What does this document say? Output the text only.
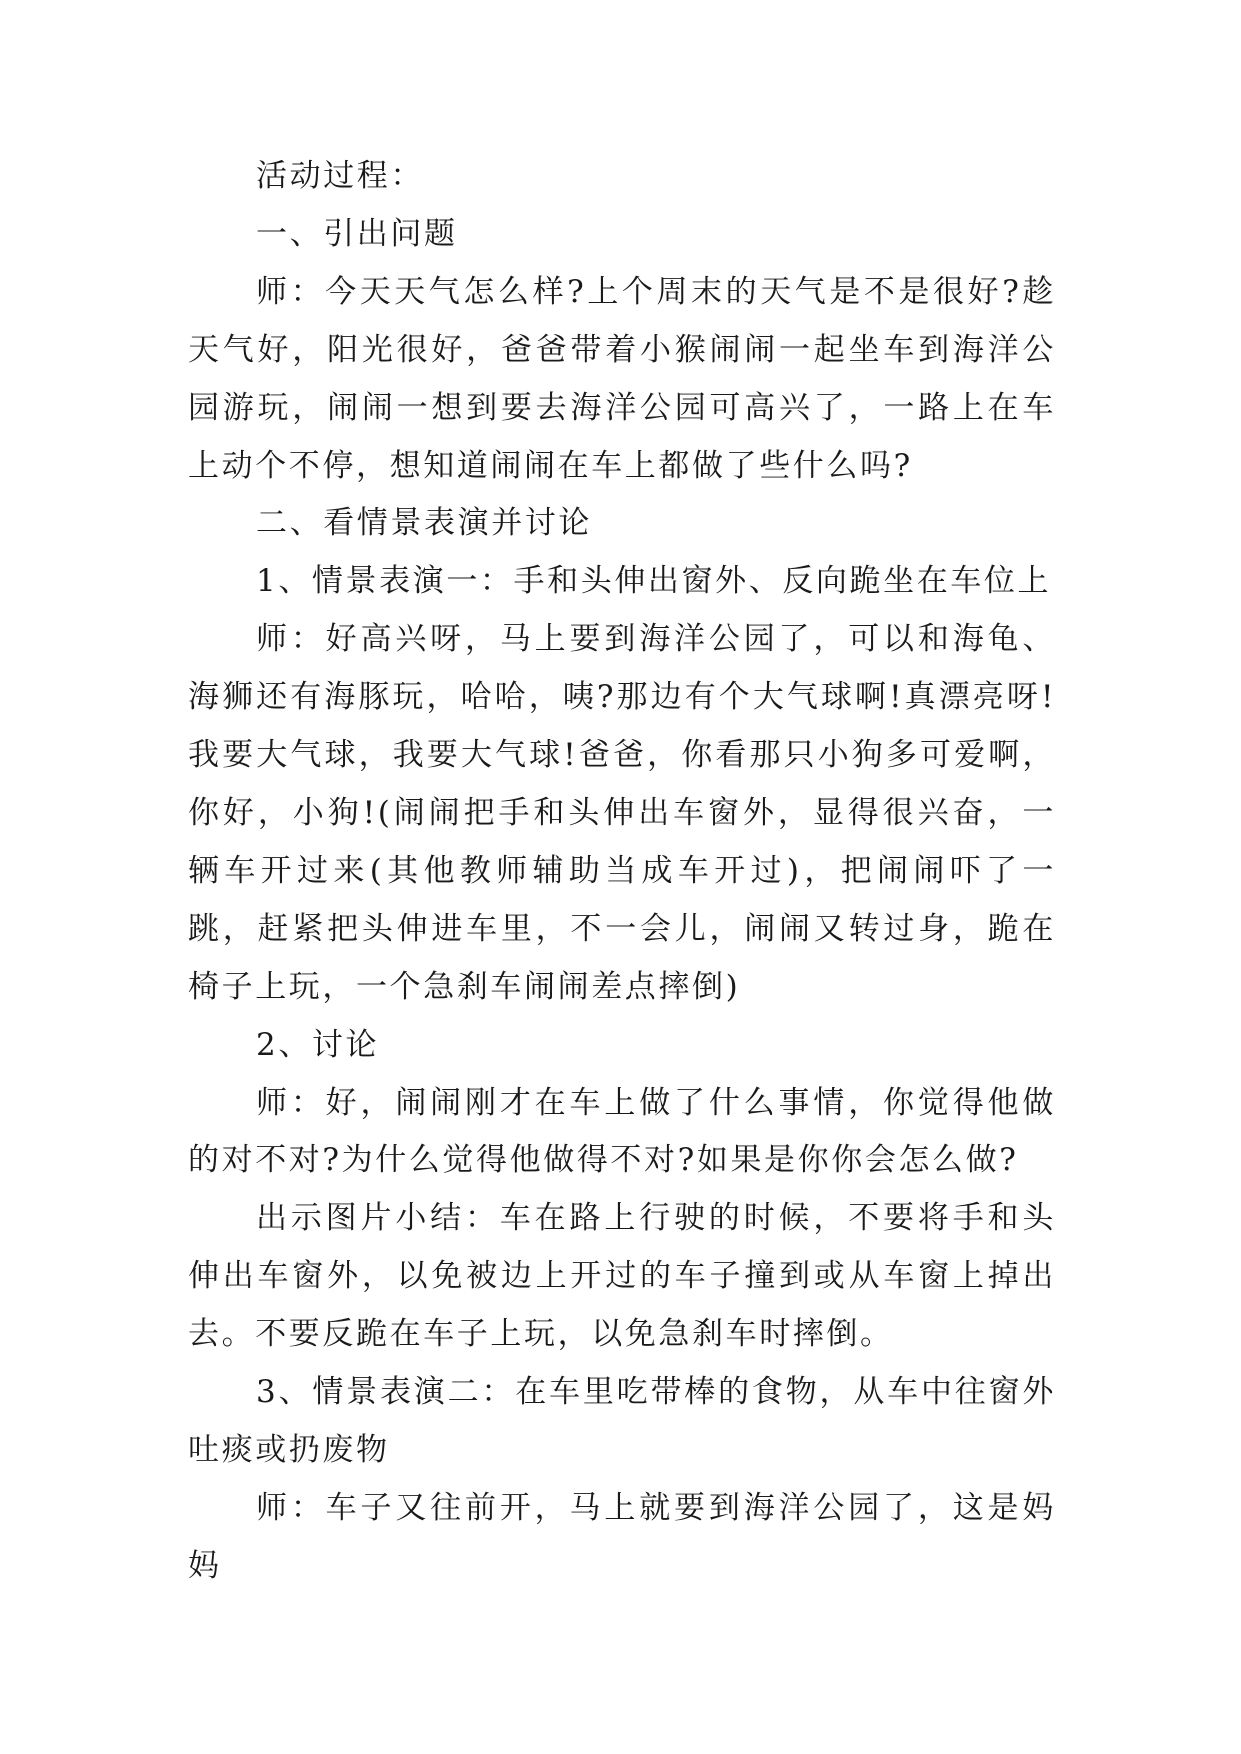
活动过程：

一、引出问题

师：今天天气怎么样?上个周末的天气是不是很好?趁天气好，阳光很好，爸爸带着小猴闹闹一起坐车到海洋公园游玩，闹闹一想到要去海洋公园可高兴了，一路上在车上动个不停，想知道闹闹在车上都做了些什么吗?

二、看情景表演并讨论

1、情景表演一：手和头伸出窗外、反向跪坐在车位上

师：好高兴呀，马上要到海洋公园了，可以和海龟、海狮还有海豚玩，哈哈，咦?那边有个大气球啊!真漂亮呀!我要大气球，我要大气球!爸爸，你看那只小狗多可爱啊，你好，小狗!(闹闹把手和头伸出车窗外，显得很兴奋，一辆车开过来(其他教师辅助当成车开过)，把闹闹吓了一跳，赶紧把头伸进车里，不一会儿，闹闹又转过身，跪在椅子上玩，一个急刹车闹闹差点摔倒)

2、讨论

师：好，闹闹刚才在车上做了什么事情，你觉得他做的对不对?为什么觉得他做得不对?如果是你你会怎么做?

出示图片小结：车在路上行驶的时候，不要将手和头伸出车窗外，以免被边上开过的车子撞到或从车窗上掉出去。不要反跪在车子上玩，以免急刹车时摔倒。

3、情景表演二：在车里吃带棒的食物，从车中往窗外吐痰或扔废物

师：车子又往前开，马上就要到海洋公园了，这是妈妈
